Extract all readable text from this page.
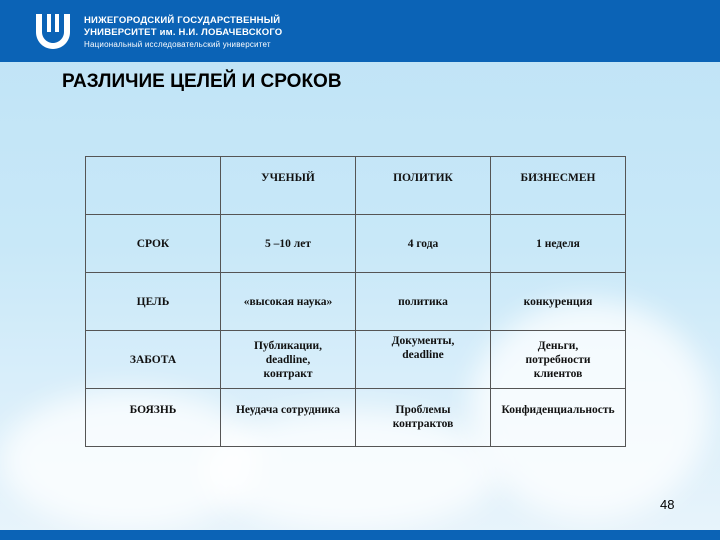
НИЖЕГОРОДСКИЙ ГОСУДАРСТВЕННЫЙ
УНИВЕРСИТЕТ им. Н.И. ЛОБАЧЕВСКОГО
Национальный исследовательский университет
РАЗЛИЧИЕ ЦЕЛЕЙ И СРОКОВ
	УЧЕНЫЙ	ПОЛИТИК	БИЗНЕСМЕН
СРОК	5 –10 лет	4 года	1 неделя
ЦЕЛЬ	«высокая наука»	политика	конкуренция
ЗАБОТА	Публикации, deadline, контракт	Документы, deadline	Деньги, потребности клиентов
БОЯЗНЬ	Неудача сотрудника	Проблемы контрактов	Конфиденциальность
48
